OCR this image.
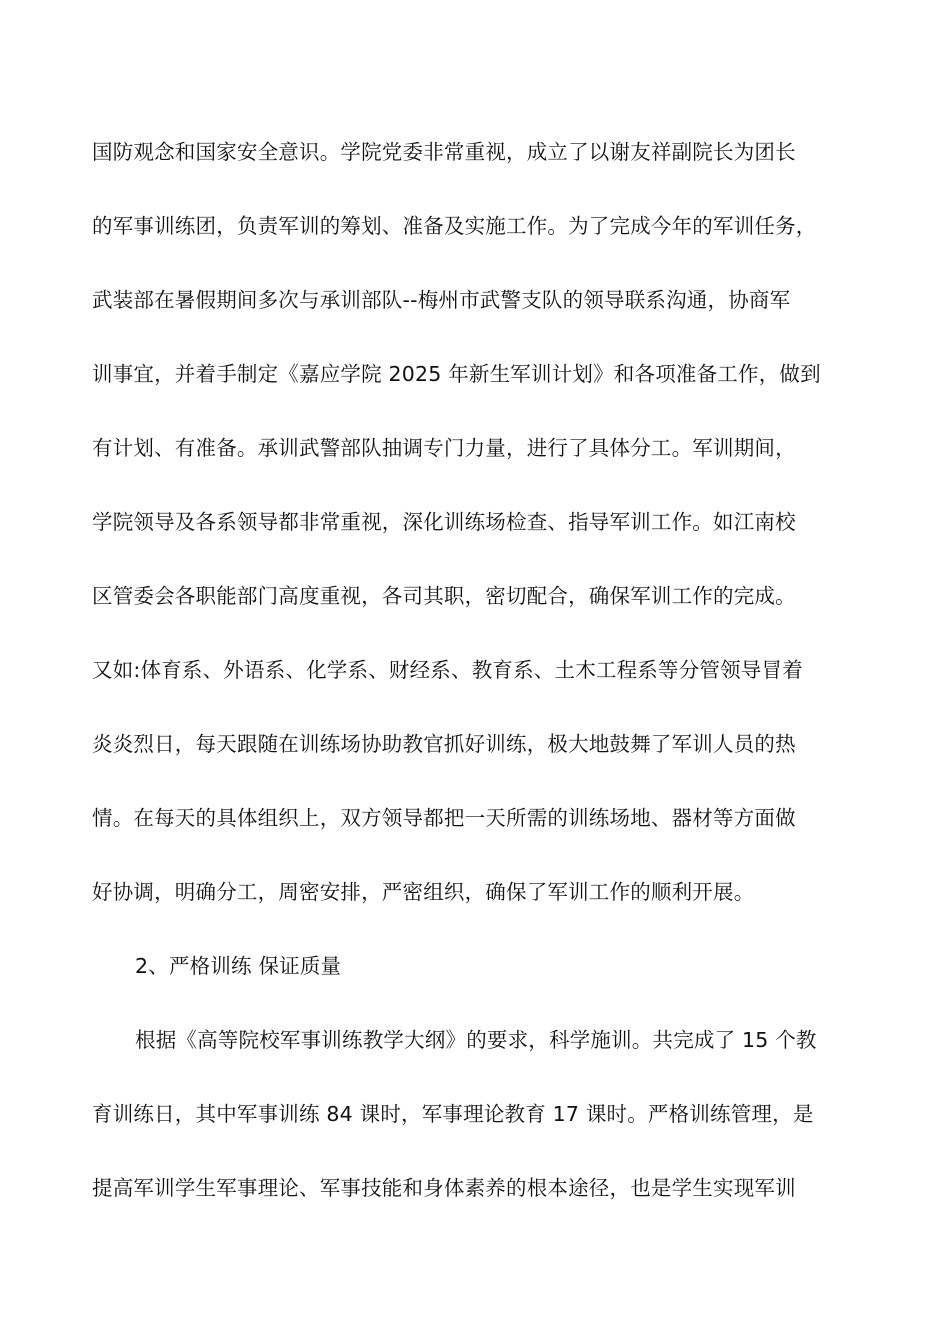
国防观念和国家安全意识。学院党委非常重视，成立了以谢友祥副院长为团长
的军事训练团，负责军训的筹划、准备及实施工作。为了完成今年的军训任务，
武装部在暑假期间多次与承训部队--梅州市武警支队的领导联系沟通，协商军
训事宜，并着手制定《嘉应学院 2025 年新生军训计划》和各项准备工作，做到
有计划、有准备。承训武警部队抽调专门力量，进行了具体分工。军训期间，
学院领导及各系领导都非常重视，深化训练场检查、指导军训工作。如江南校
区管委会各职能部门高度重视，各司其职，密切配合，确保军训工作的完成。
又如:体育系、外语系、化学系、财经系、教育系、土木工程系等分管领导冒着
炎炎烈日，每天跟随在训练场协助教官抓好训练，极大地鼓舞了军训人员的热
情。在每天的具体组织上，双方领导都把一天所需的训练场地、器材等方面做
好协调，明确分工，周密安排，严密组织，确保了军训工作的顺利开展。
2、严格训练 保证质量
根据《高等院校军事训练教学大纲》的要求，科学施训。共完成了 15 个教
育训练日，其中军事训练 84 课时，军事理论教育 17 课时。严格训练管理，是
提高军训学生军事理论、军事技能和身体素养的根本途径，也是学生实现军训
